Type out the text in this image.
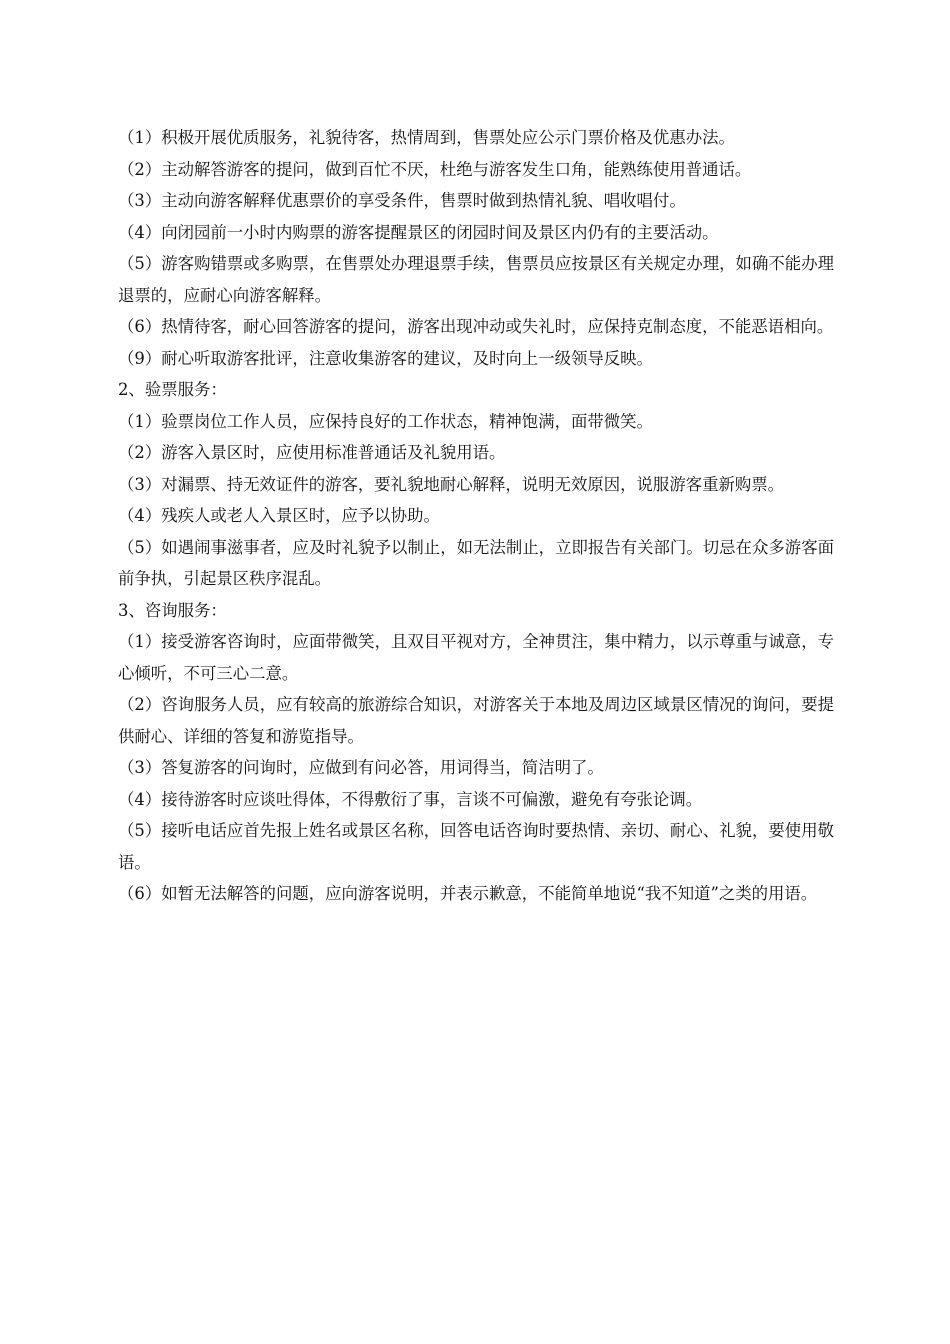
（1）积极开展优质服务，礼貌待客，热情周到，售票处应公示门票价格及优惠办法。

（2）主动解答游客的提问，做到百忙不厌，杜绝与游客发生口角，能熟练使用普通话。

（3）主动向游客解释优惠票价的享受条件，售票时做到热情礼貌、唱收唱付。

（4）向闭园前一小时内购票的游客提醒景区的闭园时间及景区内仍有的主要活动。

（5）游客购错票或多购票，在售票处办理退票手续，售票员应按景区有关规定办理，如确不能办理退票的，应耐心向游客解释。

（6）热情待客，耐心回答游客的提问，游客出现冲动或失礼时，应保持克制态度，不能恶语相向。

（9）耐心听取游客批评，注意收集游客的建议，及时向上一级领导反映。

2、验票服务：

（1）验票岗位工作人员，应保持良好的工作状态，精神饱满，面带微笑。

（2）游客入景区时，应使用标准普通话及礼貌用语。

（3）对漏票、持无效证件的游客，要礼貌地耐心解释，说明无效原因，说服游客重新购票。

（4）残疾人或老人入景区时，应予以协助。

（5）如遇闹事滋事者，应及时礼貌予以制止，如无法制止，立即报告有关部门。切忌在众多游客面前争执，引起景区秩序混乱。

3、咨询服务：

（1）接受游客咨询时，应面带微笑，且双目平视对方，全神贯注，集中精力，以示尊重与诚意，专心倾听，不可三心二意。

（2）咨询服务人员，应有较高的旅游综合知识，对游客关于本地及周边区域景区情况的询问，要提供耐心、详细的答复和游览指导。

（3）答复游客的问询时，应做到有问必答，用词得当，简洁明了。

（4）接待游客时应谈吐得体，不得敷衍了事，言谈不可偏激，避免有夸张论调。

（5）接听电话应首先报上姓名或景区名称，回答电话咨询时要热情、亲切、耐心、礼貌，要使用敬语。

（6）如暂无法解答的问题，应向游客说明，并表示歉意，不能简单地说“我不知道”之类的用语。
